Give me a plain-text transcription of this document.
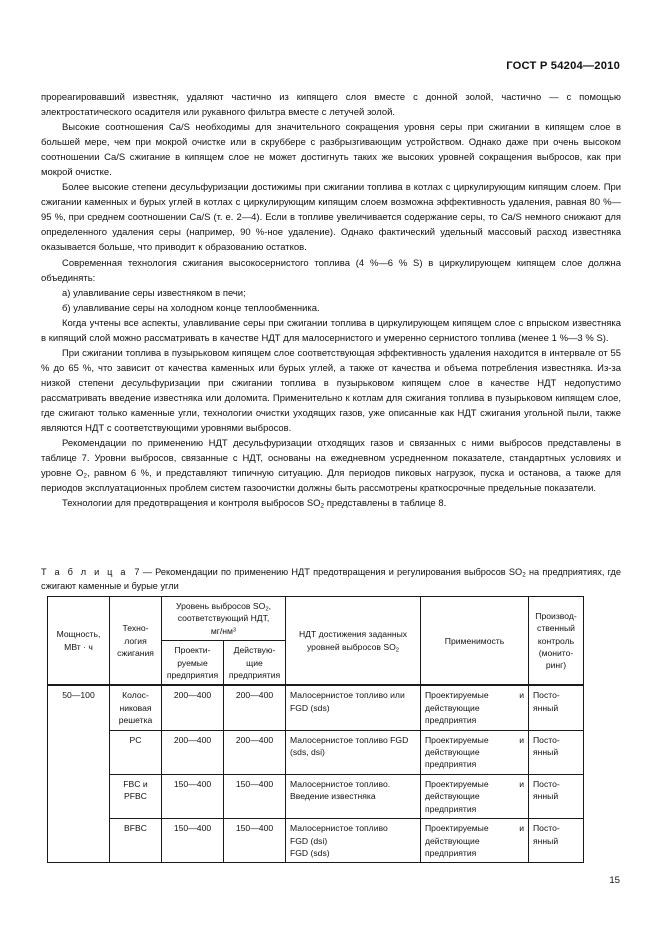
ГОСТ Р 54204—2010

прореагировавший известняк, удаляют частично из кипящего слоя вместе с донной золой, частично — с помощью электростатического осадителя или рукавного фильтра вместе с летучей золой.

Высокие соотношения Ca/S необходимы для значительного сокращения уровня серы при сжигании в кипящем слое в большей мере, чем при мокрой очистке или в скруббере с разбрызгивающим устройством. Однако даже при очень высоком соотношении Ca/S сжигание в кипящем слое не может достигнуть таких же высоких уровней сокращения выбросов, как при мокрой очистке.

Более высокие степени десульфуризации достижимы при сжигании топлива в котлах с циркулирующим кипящим слоем. При сжигании каменных и бурых углей в котлах с циркулирующим кипящим слоем возможна эффективность удаления, равная 80 %—95 %, при среднем соотношении Ca/S (т. е. 2—4). Если в топливе увеличивается содержание серы, то Ca/S немного снижают для определенного удаления серы (например, 90 %-ное удаление). Однако фактический удельный массовый расход известняка оказывается больше, что приводит к образованию остатков.

Современная технология сжигания высокосернистого топлива (4 %—6 % S) в циркулирующем кипящем слое должна объединять:

а) улавливание серы известняком в печи;

б) улавливание серы на холодном конце теплообменника.

Когда учтены все аспекты, улавливание серы при сжигании топлива в циркулирующем кипящем слое с впрыском известняка в кипящий слой можно рассматривать в качестве НДТ для малосернистого и умеренно сернистого топлива (менее 1 %—3 % S).

При сжигании топлива в пузырьковом кипящем слое соответствующая эффективность удаления находится в интервале от 55 % до 65 %, что зависит от качества каменных или бурых углей, а также от качества и объема потребления известняка. Из-за низкой степени десульфуризации при сжигании топлива в пузырьковом кипящем слое в качестве НДТ недопустимо рассматривать введение известняка или доломита. Применительно к котлам для сжигания топлива в пузырьковом кипящем слое, где сжигают только каменные угли, технологии очистки уходящих газов, уже описанные как НДТ сжигания угольной пыли, также являются НДТ с соответствующими уровнями выбросов.

Рекомендации по применению НДТ десульфуризации отходящих газов и связанных с ними выбросов представлены в таблице 7. Уровни выбросов, связанные с НДТ, основаны на ежедневном усредненном показателе, стандартных условиях и уровне $O_2$, равном 6 %, и представляют типичную ситуацию. Для периодов пиковых нагрузок, пуска и останова, а также для периодов эксплуатационных проблем систем газоочистки должны быть рассмотрены краткосрочные предельные показатели.

Технологии для предотвращения и контроля выбросов $SO_2$ представлены в таблице 8.

Т а б л и ц а 7 — Рекомендации по применению НДТ предотвращения и регулирования выбросов $SO_2$ на предприятиях, где сжигают каменные и бурые угли
Мощность, МВт · ч	Технология сжигания	Уровень выбросов $SO_2$,
соответствующий НДТ,
$мг/нм^3$		НДТ достижения заданных
уровней выбросов $SO_2$	Применимость	Производственный контроль (мониторинг)
		Проектируемые предприятия	Действующие предприятия			
50—100	Колосниковая решетка	200—400	200—400	Малосернистое топливо или FGD (sds)	Проектируемые и действующие предприятия	Постоянный
	PC	200—400	200—400	Малосернистое топливо FGD (sds, dsi)	Проектируемые и действующие предприятия	Постоянный
	FBC и PFBC	150—400	150—400	Малосернистое топливо. Введение известняка	Проектируемые и действующие предприятия	Постоянный
	BFBC	150—400	150—400	Малосернистое топливо
FGD (dsi)
FGD (sds)	Проектируемые и действующие предприятия	Постоянный
15
